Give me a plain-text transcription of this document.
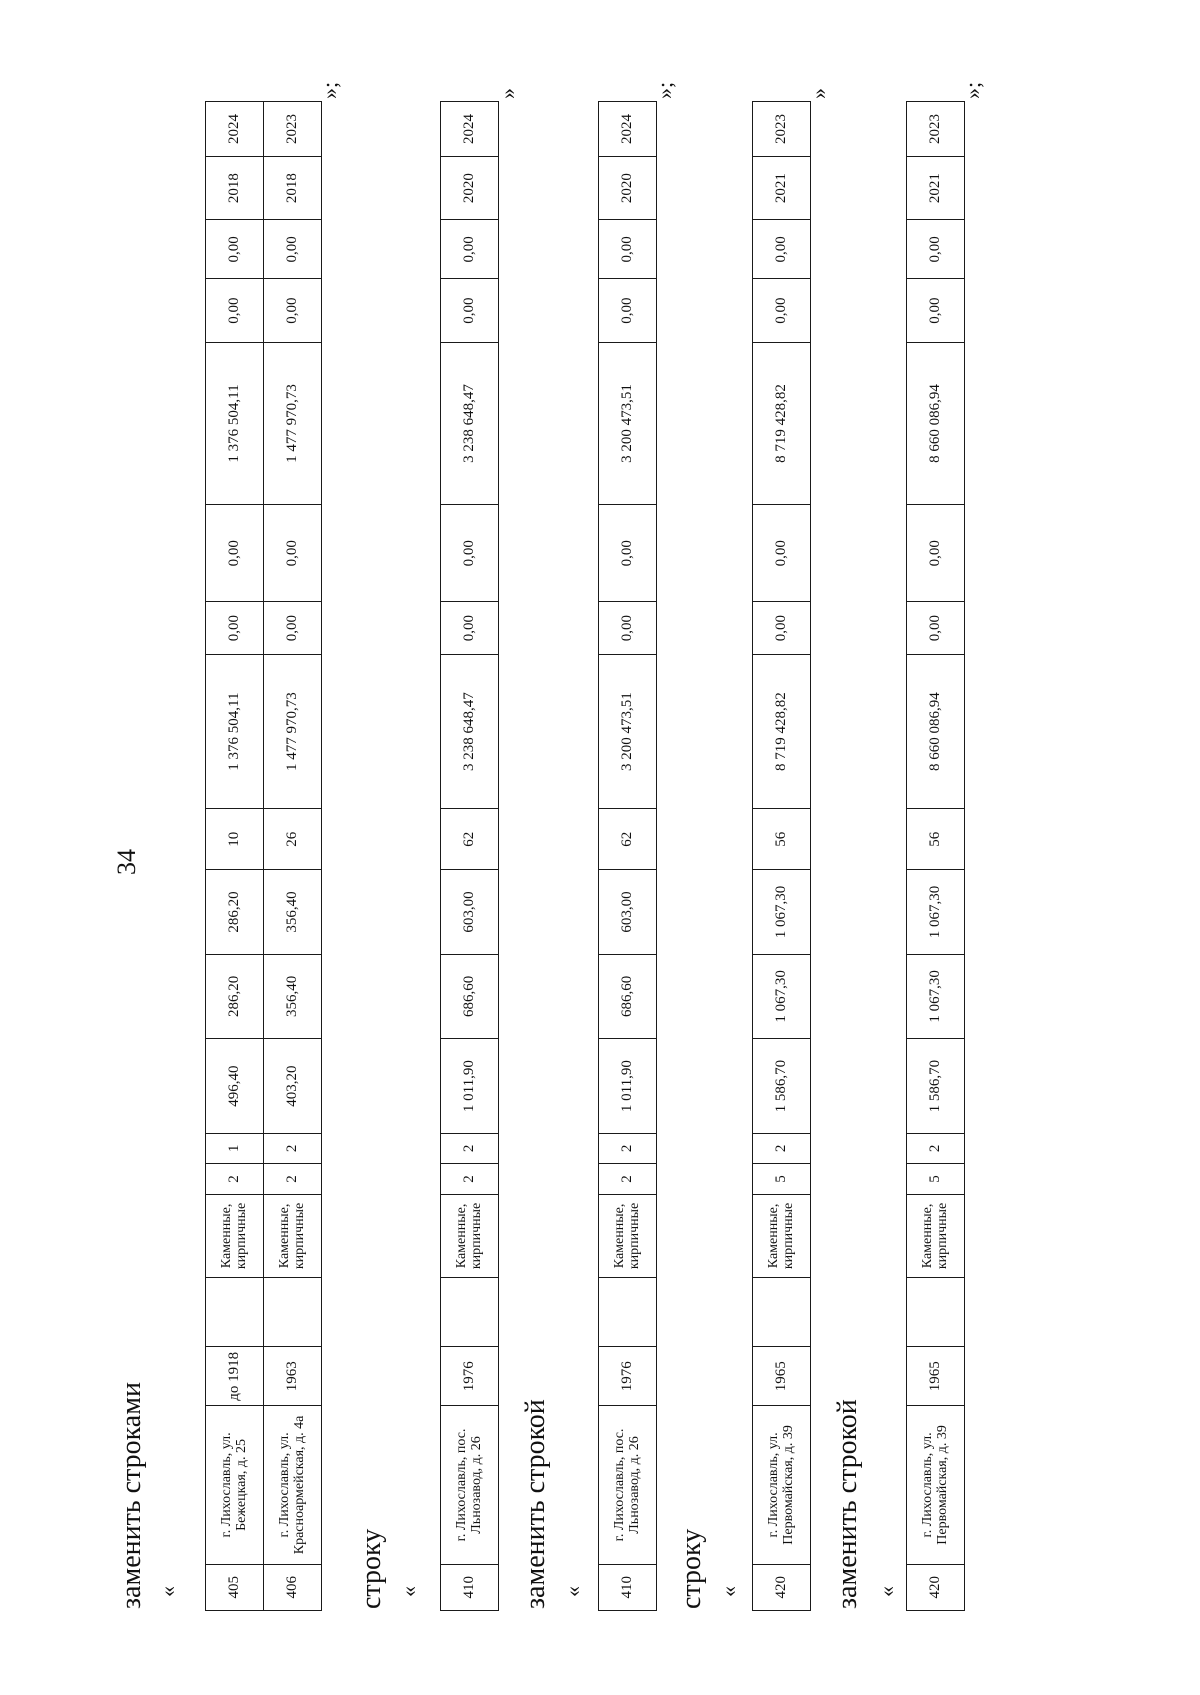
34
заменить строками «	405	г. Лихославль, ул. Бежецкая, д. 25	до 1918		Каменные, кирпичные	2	1	496,40	286,20	286,20	10	1 376 504,11	0,00	0,00	1 376 504,11	0,00	0,00	2018	2024
406	г. Лихославль, ул. Красноармейская, д. 4а	1963		Каменные, кирпичные	2	2	403,20	356,40	356,40	26	1 477 970,73	0,00	0,00	1 477 970,73	0,00	0,00	2018	2023
»;
строку «	410	г. Лихославль, пос. Льнозавод, д. 26	1976		Каменные, кирпичные	2	2	1 011,90	686,60	603,00	62	3 238 648,47	0,00	0,00	3 238 648,47	0,00	0,00	2020	2024
»
заменить строкой « 410	г. Лихославль, пос. Льнозавод, д. 26	1976		Каменные, кирпичные	2	2	1 011,90	686,60	603,00	62	3 200 473,51	0,00	0,00	3 200 473,51	0,00	0,00	2020	2024
»;
строку « 420	г. Лихославль, ул. Первомайская, д. 39	1965		Каменные, кирпичные	5	2	1 586,70	1 067,30	1 067,30	56	8 719 428,82	0,00	0,00	8 719 428,82	0,00	0,00	2021	2023
»
заменить строкой « 420	г. Лихославль, ул. Первомайская, д. 39	1965		Каменные, кирпичные	5	2	1 586,70	1 067,30	1 067,30	56	8 660 086,94	0,00	0,00	8 660 086,94	0,00	0,00	2021	2023
»;
